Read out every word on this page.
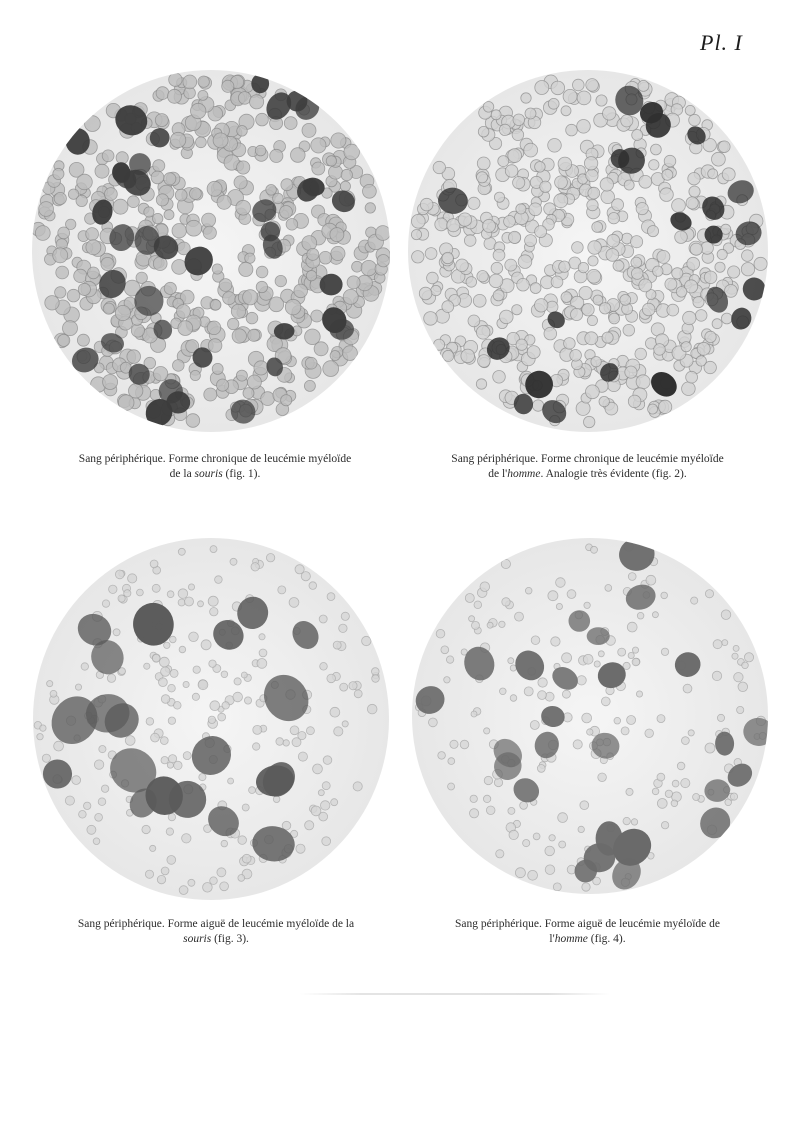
Pl. I
Sang périphérique. Forme chronique de leucémie myéloïde
de la souris (fig. 1).
Sang périphérique. Forme chronique de leucémie myéloïde
de l'homme. Analogie très évidente (fig. 2).
Sang périphérique. Forme aiguë de leucémie myéloïde de la
souris (fig. 3).
Sang périphérique. Forme aiguë de leucémie myéloïde de
l'homme (fig. 4).
